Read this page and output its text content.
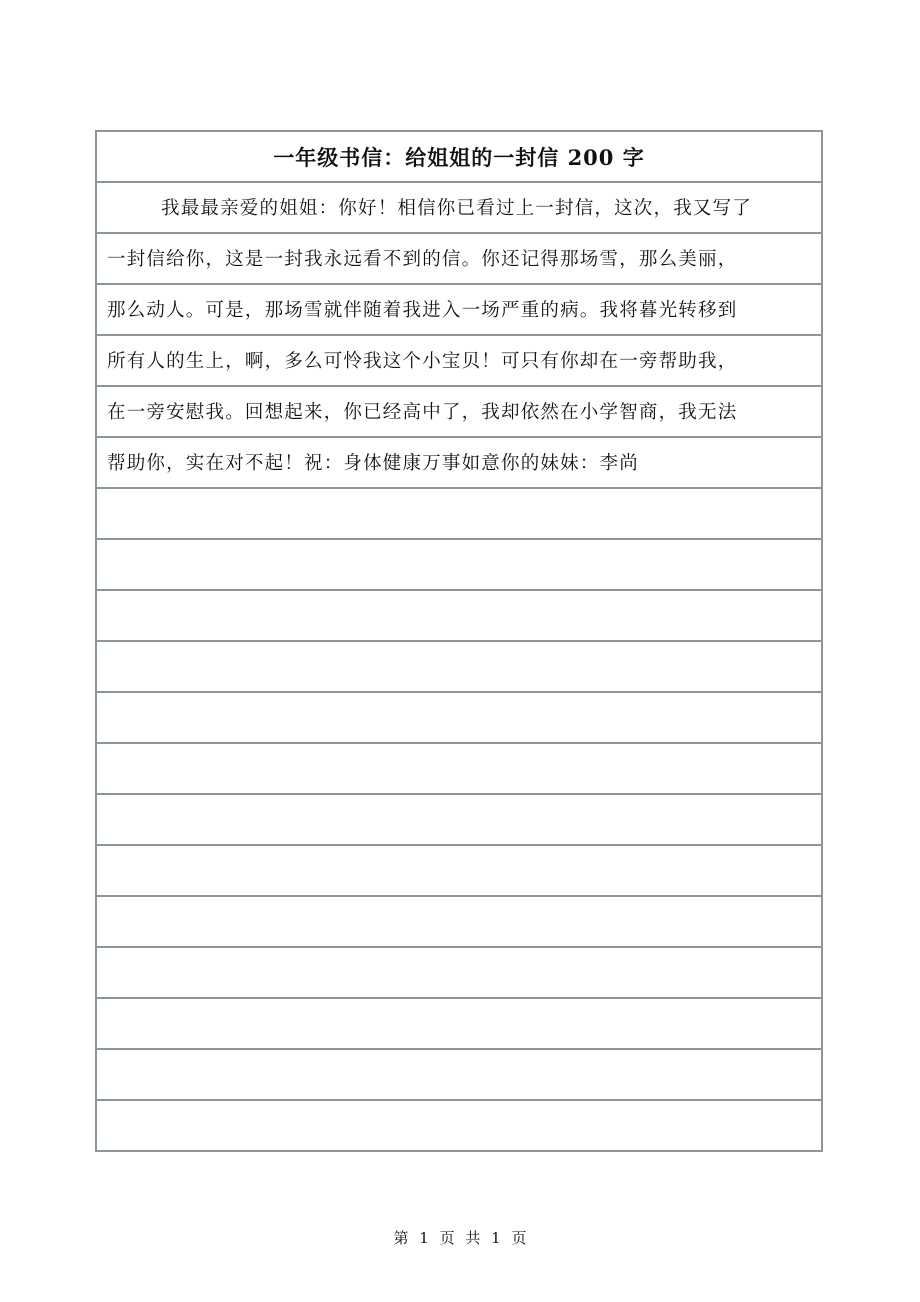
一年级书信：给姐姐的一封信 200 字
我最最亲爱的姐姐：你好！相信你已看过上一封信，这次，我又写了
一封信给你，这是一封我永远看不到的信。你还记得那场雪，那么美丽，
那么动人。可是，那场雪就伴随着我进入一场严重的病。我将暮光转移到
所有人的生上，啊，多么可怜我这个小宝贝！可只有你却在一旁帮助我，
在一旁安慰我。回想起来，你已经高中了，我却依然在小学智商，我无法
帮助你，实在对不起！祝：身体健康万事如意你的妹妹：李尚
第 1 页 共 1 页
